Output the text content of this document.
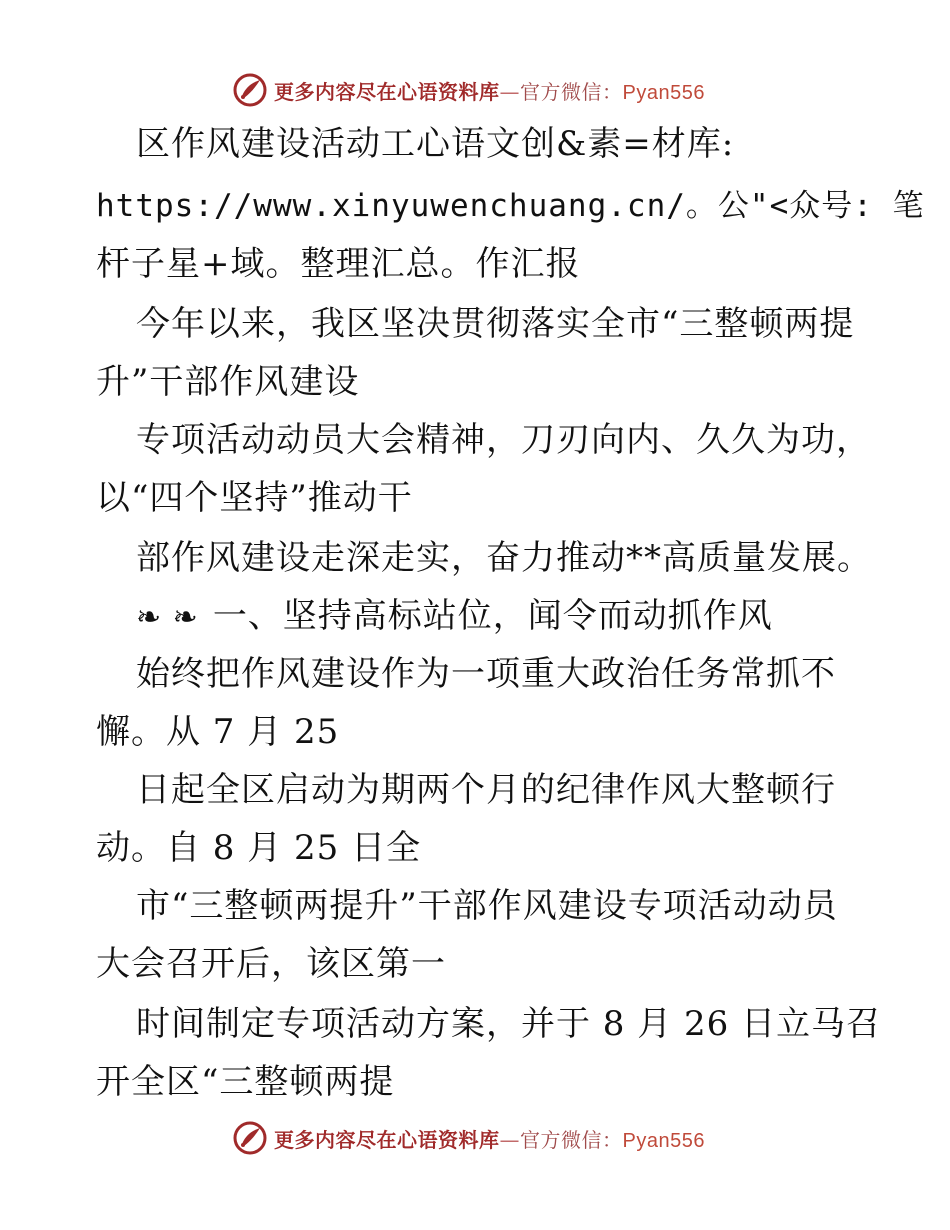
更多内容尽在心语资料库—官方微信：Pyan556
区作风建设活动工心语文创&素=材库:
https://www.xinyuwenchuang.cn/。公"<众号: 笔
杆子星+域。整理汇总。作汇报
今年以来，我区坚决贯彻落实全市“三整顿两提
升”干部作风建设
专项活动动员大会精神，刀刃向内、久久为功，
以“四个坚持”推动干
部作风建设走深走实，奋力推动**高质量发展。
❧ ❧ 一、坚持高标站位，闻令而动抓作风
始终把作风建设作为一项重大政治任务常抓不
懈。从 7 月 25
日起全区启动为期两个月的纪律作风大整顿行
动。自 8 月 25 日全
市“三整顿两提升”干部作风建设专项活动动员
大会召开后，该区第一
时间制定专项活动方案，并于 8 月 26 日立马召
开全区“三整顿两提
更多内容尽在心语资料库—官方微信：Pyan556
